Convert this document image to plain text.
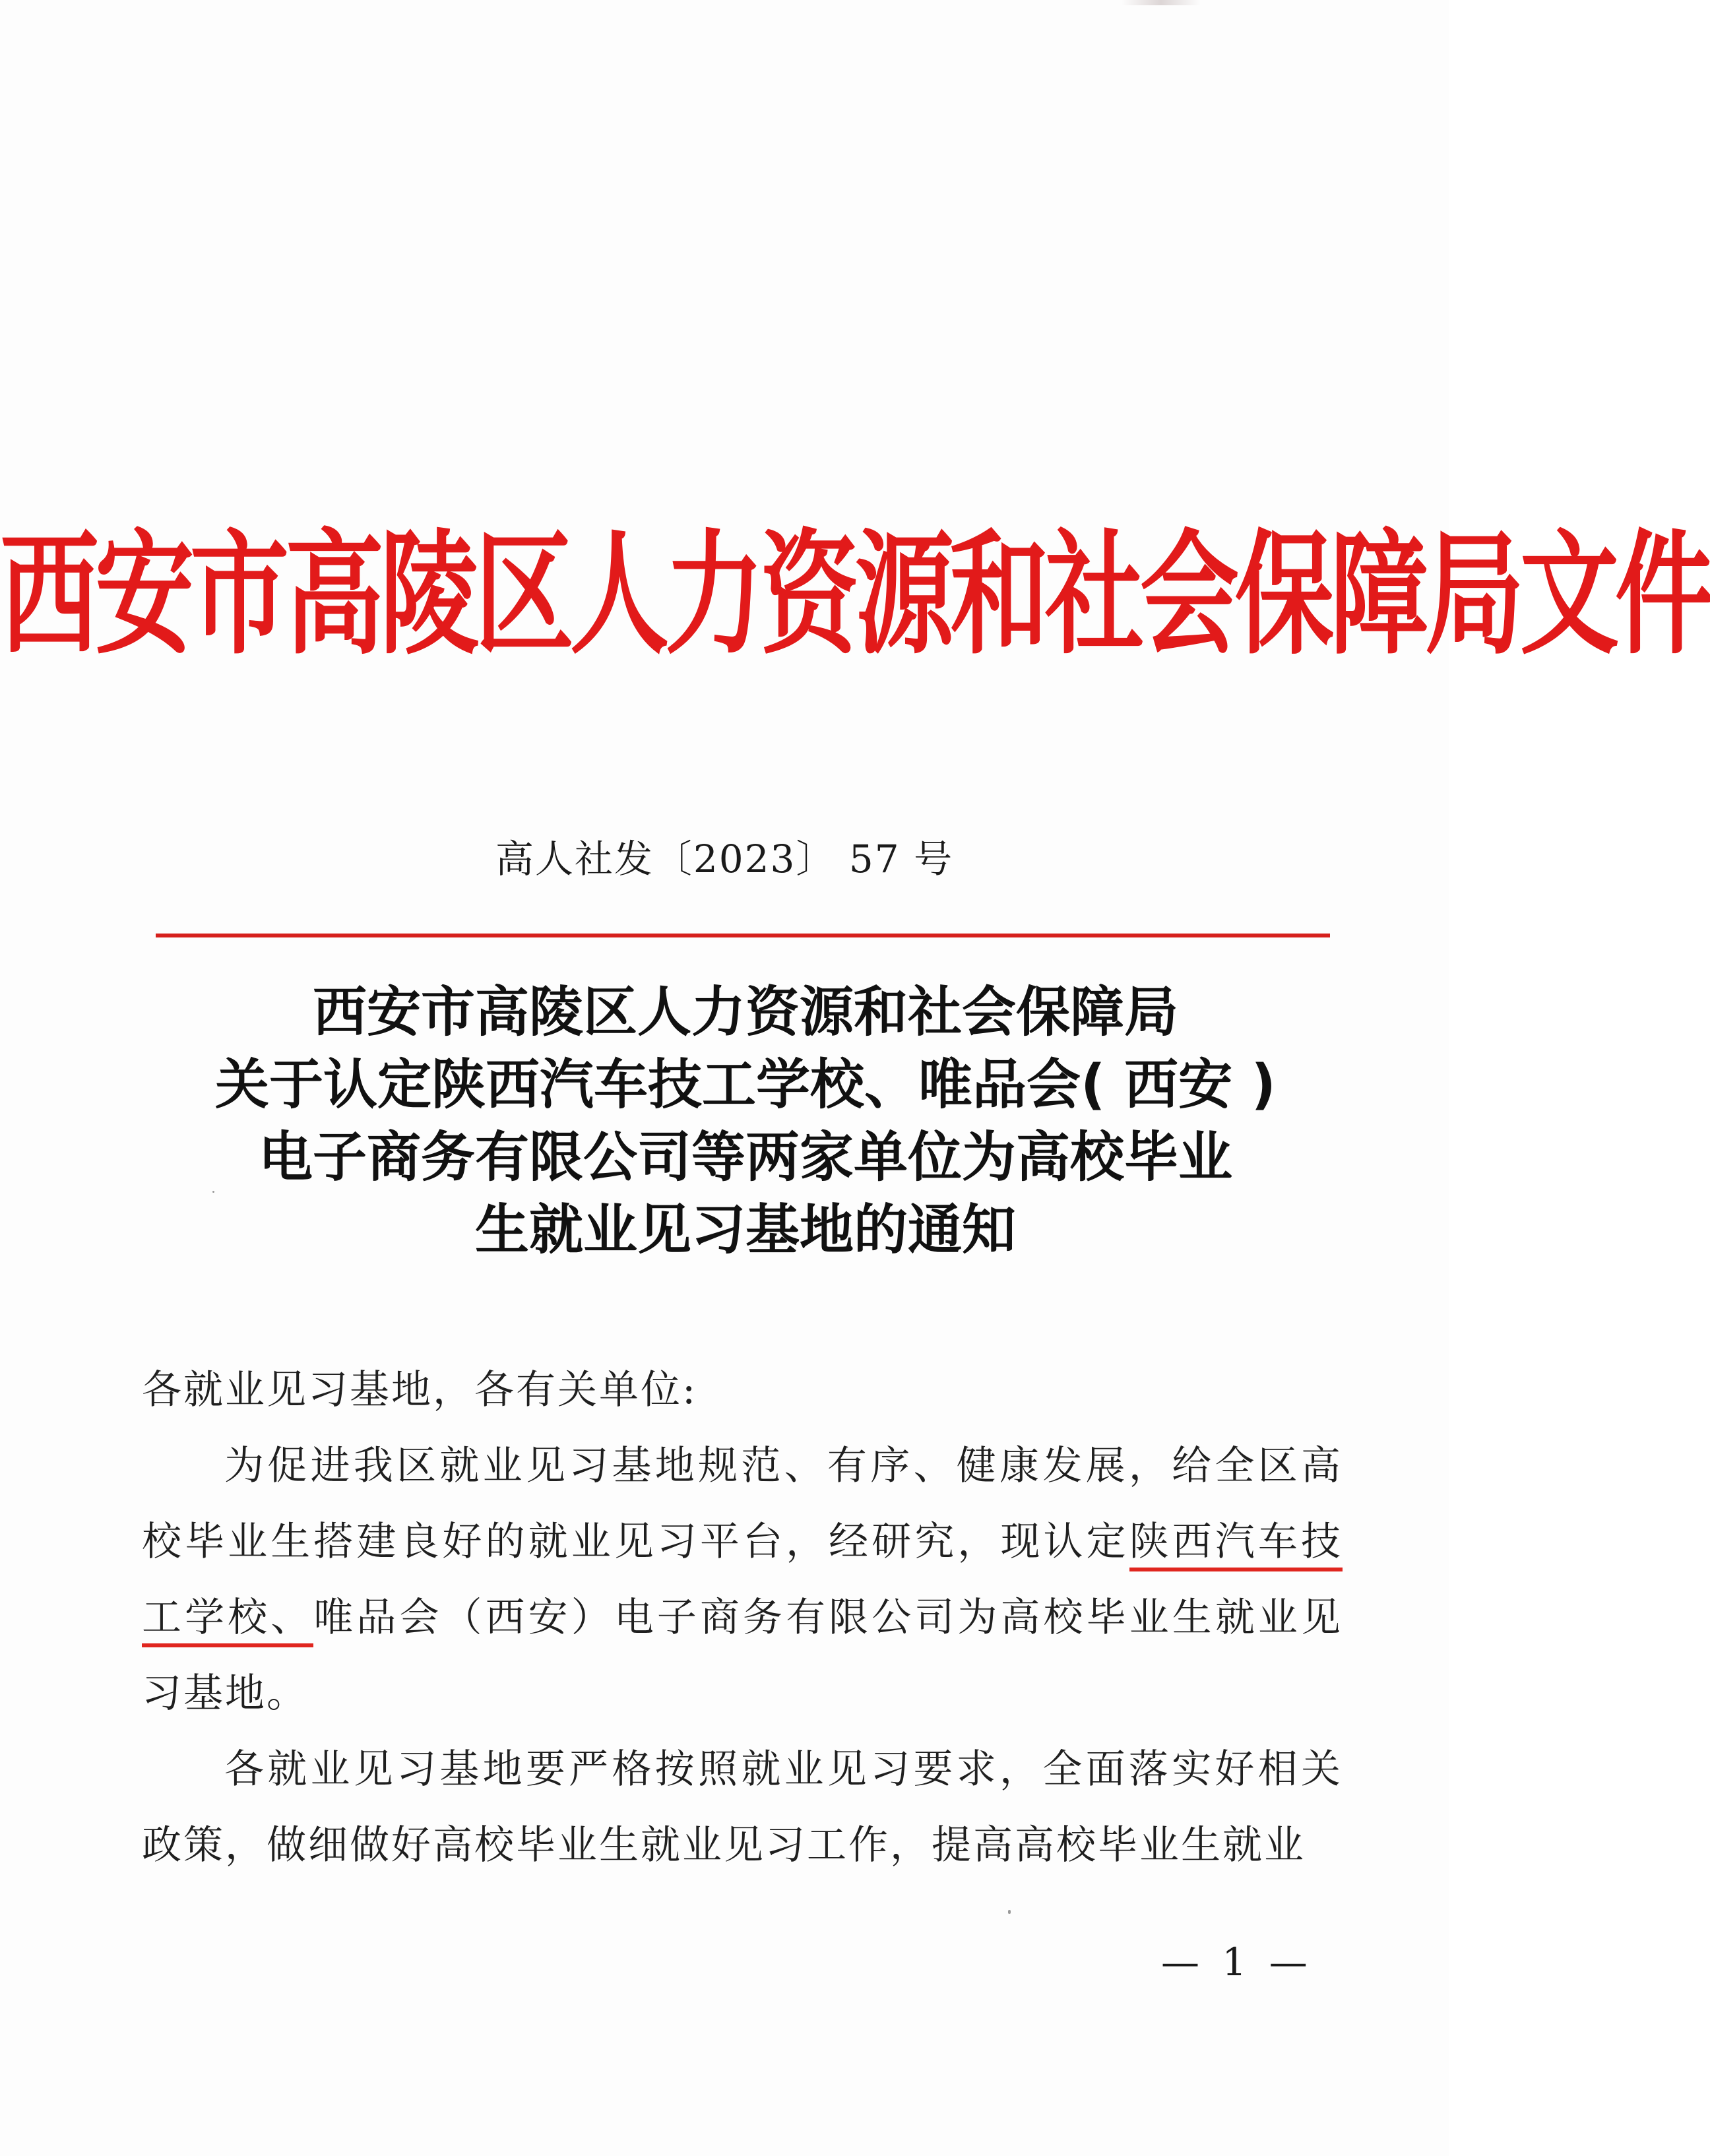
西安市高陵区人力资源和社会保障局文件
高人社发〔2023〕 57 号
西安市高陵区人力资源和社会保障局
关于认定陕西汽车技工学校、唯品会( 西安 )
电子商务有限公司等两家单位为高校毕业
生就业见习基地的通知

各就业见习基地，各有关单位:

为促进我区就业见习基地规范、有序、健康发展，给全区高校毕业生搭建良好的就业见习平台，经研究，现认定陕西汽车技工学校、唯品会（西安）电子商务有限公司为高校毕业生就业见习基地。

各就业见习基地要严格按照就业见习要求，全面落实好相关政策，做细做好高校毕业生就业见习工作，提高高校毕业生就业

— 1 —
